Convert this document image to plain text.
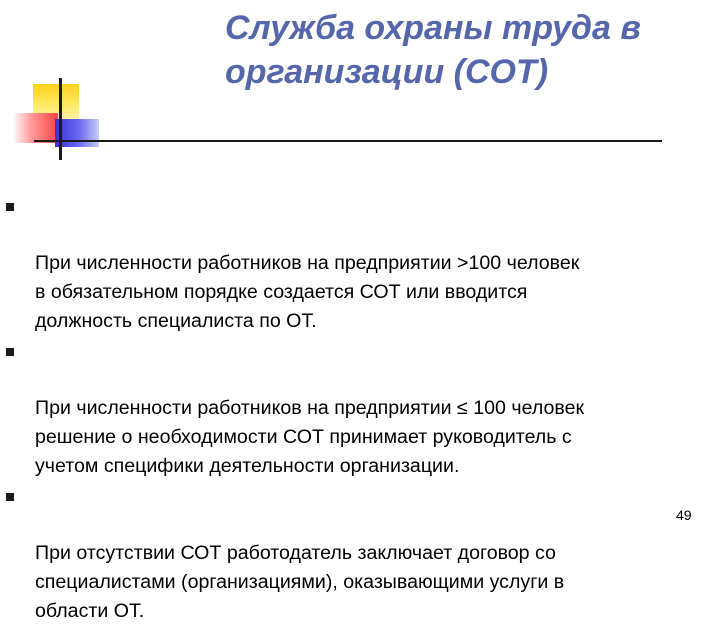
Служба охраны труда в организации (СОТ)

При численности работников на предприятии >100 человек
в обязательном порядке создается СОТ или вводится
должность специалиста по ОТ.

При численности работников на предприятии ≤ 100 человек
решение о необходимости СОТ принимает руководитель с
учетом специфики деятельности организации.

При отсутствии СОТ работодатель заключает договор со
специалистами (организациями), оказывающими услуги в
области ОТ.

49
